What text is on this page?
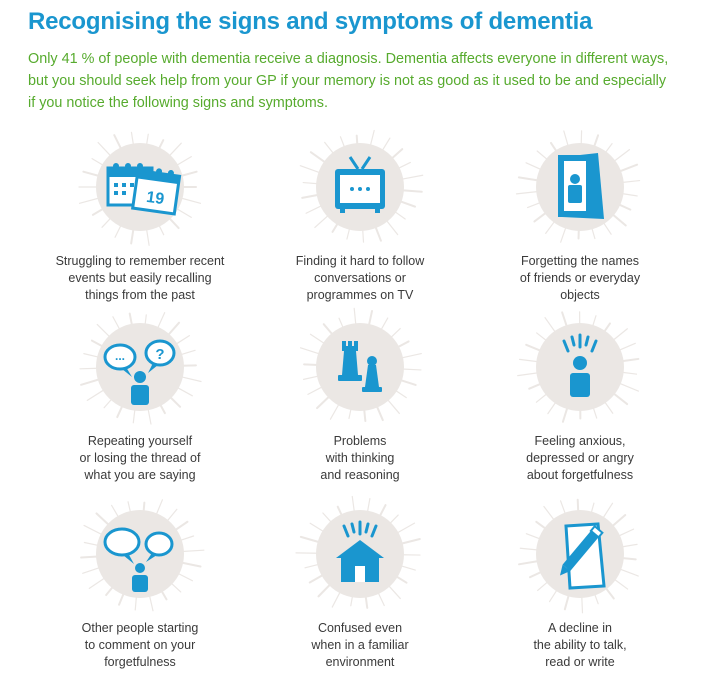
Recognising the signs and symptoms of dementia

Only 41 % of people with dementia receive a diagnosis. Dementia affects everyone in different ways,

but you should seek help from your GP if your memory is not as good as it used to be and especially

if you notice the following signs and symptoms.

19
Struggling to remember recent
events but easily recalling
things from the past
Finding it hard to follow
conversations or
programmes on TV
Forgetting the names
of friends or everyday
objects
... ?
Repeating yourself
or losing the thread of
what you are saying
Problems
with thinking
and reasoning
Feeling anxious,
depressed or angry
about forgetfulness
Other people starting
to comment on your
forgetfulness
Confused even
when in a familiar
environment
A decline in
the ability to talk,
read or write
